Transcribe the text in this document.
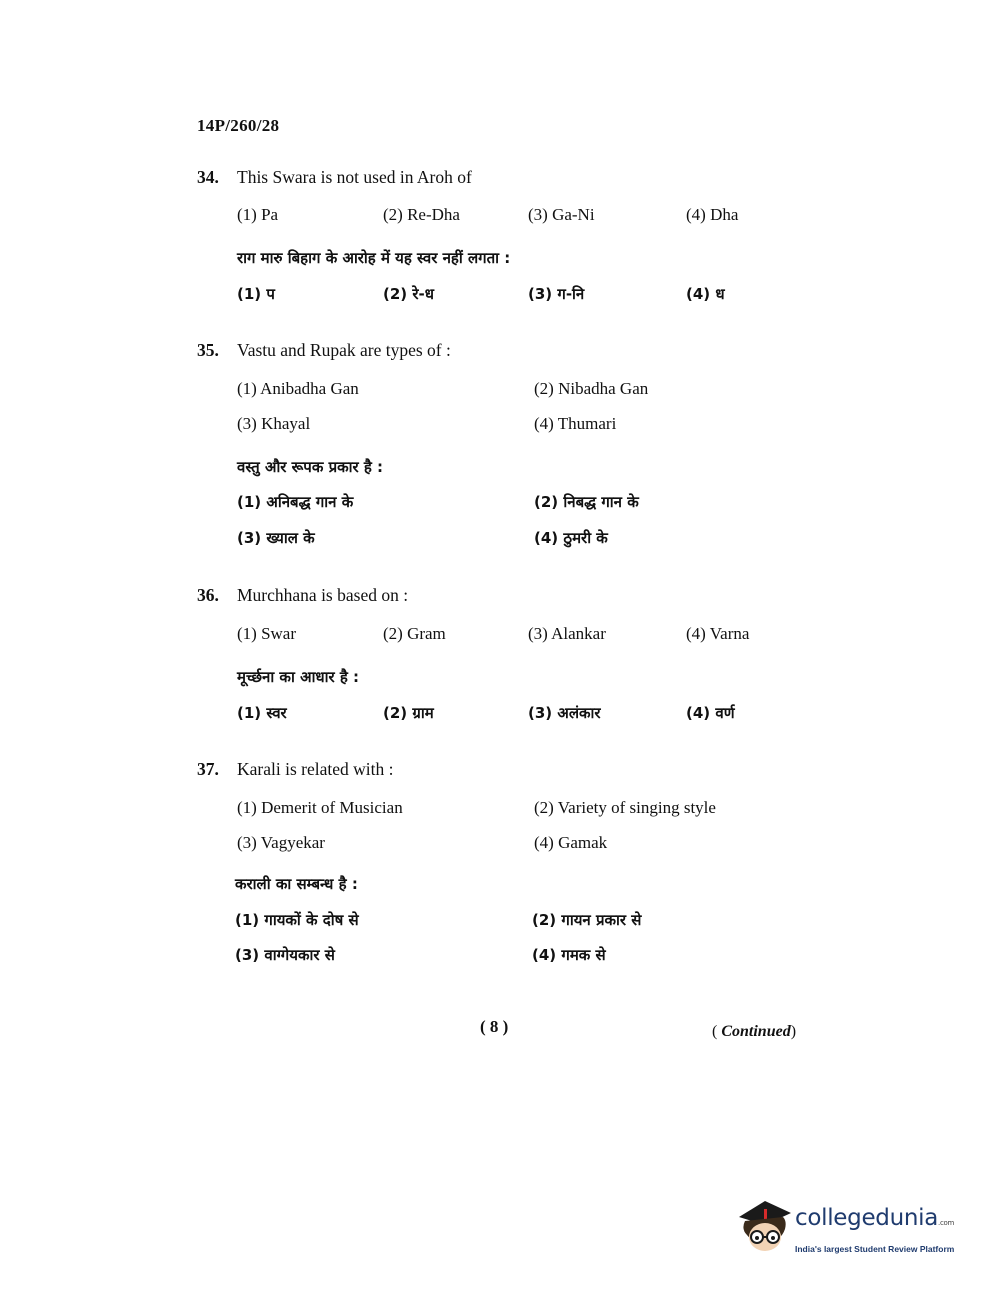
14P/260/28
34. This Swara is not used in Aroh of
(1) Pa	(2) Re-Dha	(3) Ga-Ni	(4) Dha
राग मारु बिहाग के आरोह में यह स्वर नहीं लगता :
(1) प	(2) रे-ध	(3) ग-नि	(4) ध
35. Vastu and Rupak are types of :
(1) Anibadha Gan	(2) Nibadha Gan
(3) Khayal	(4) Thumari
वस्तु और रूपक प्रकार है :
(1) अनिबद्ध गान के	(2) निबद्ध गान के
(3) ख्याल के	(4) ठुमरी के
36. Murchhana is based on :
(1) Swar	(2) Gram	(3) Alankar	(4) Varna
मूर्च्छना का आधार है :
(1) स्वर	(2) ग्राम	(3) अलंकार	(4) वर्ण
37. Karali is related with :
(1) Demerit of Musician	(2) Variety of singing style
(3) Vagyekar	(4) Gamak
कराली का सम्बन्ध है :
(1) गायकों के दोष से	(2) गायन प्रकार से
(3) वाग्गेयकार से	(4) गमक से
( 8 )	( Continued)
collegedunia.com
India's largest Student Review Platform
